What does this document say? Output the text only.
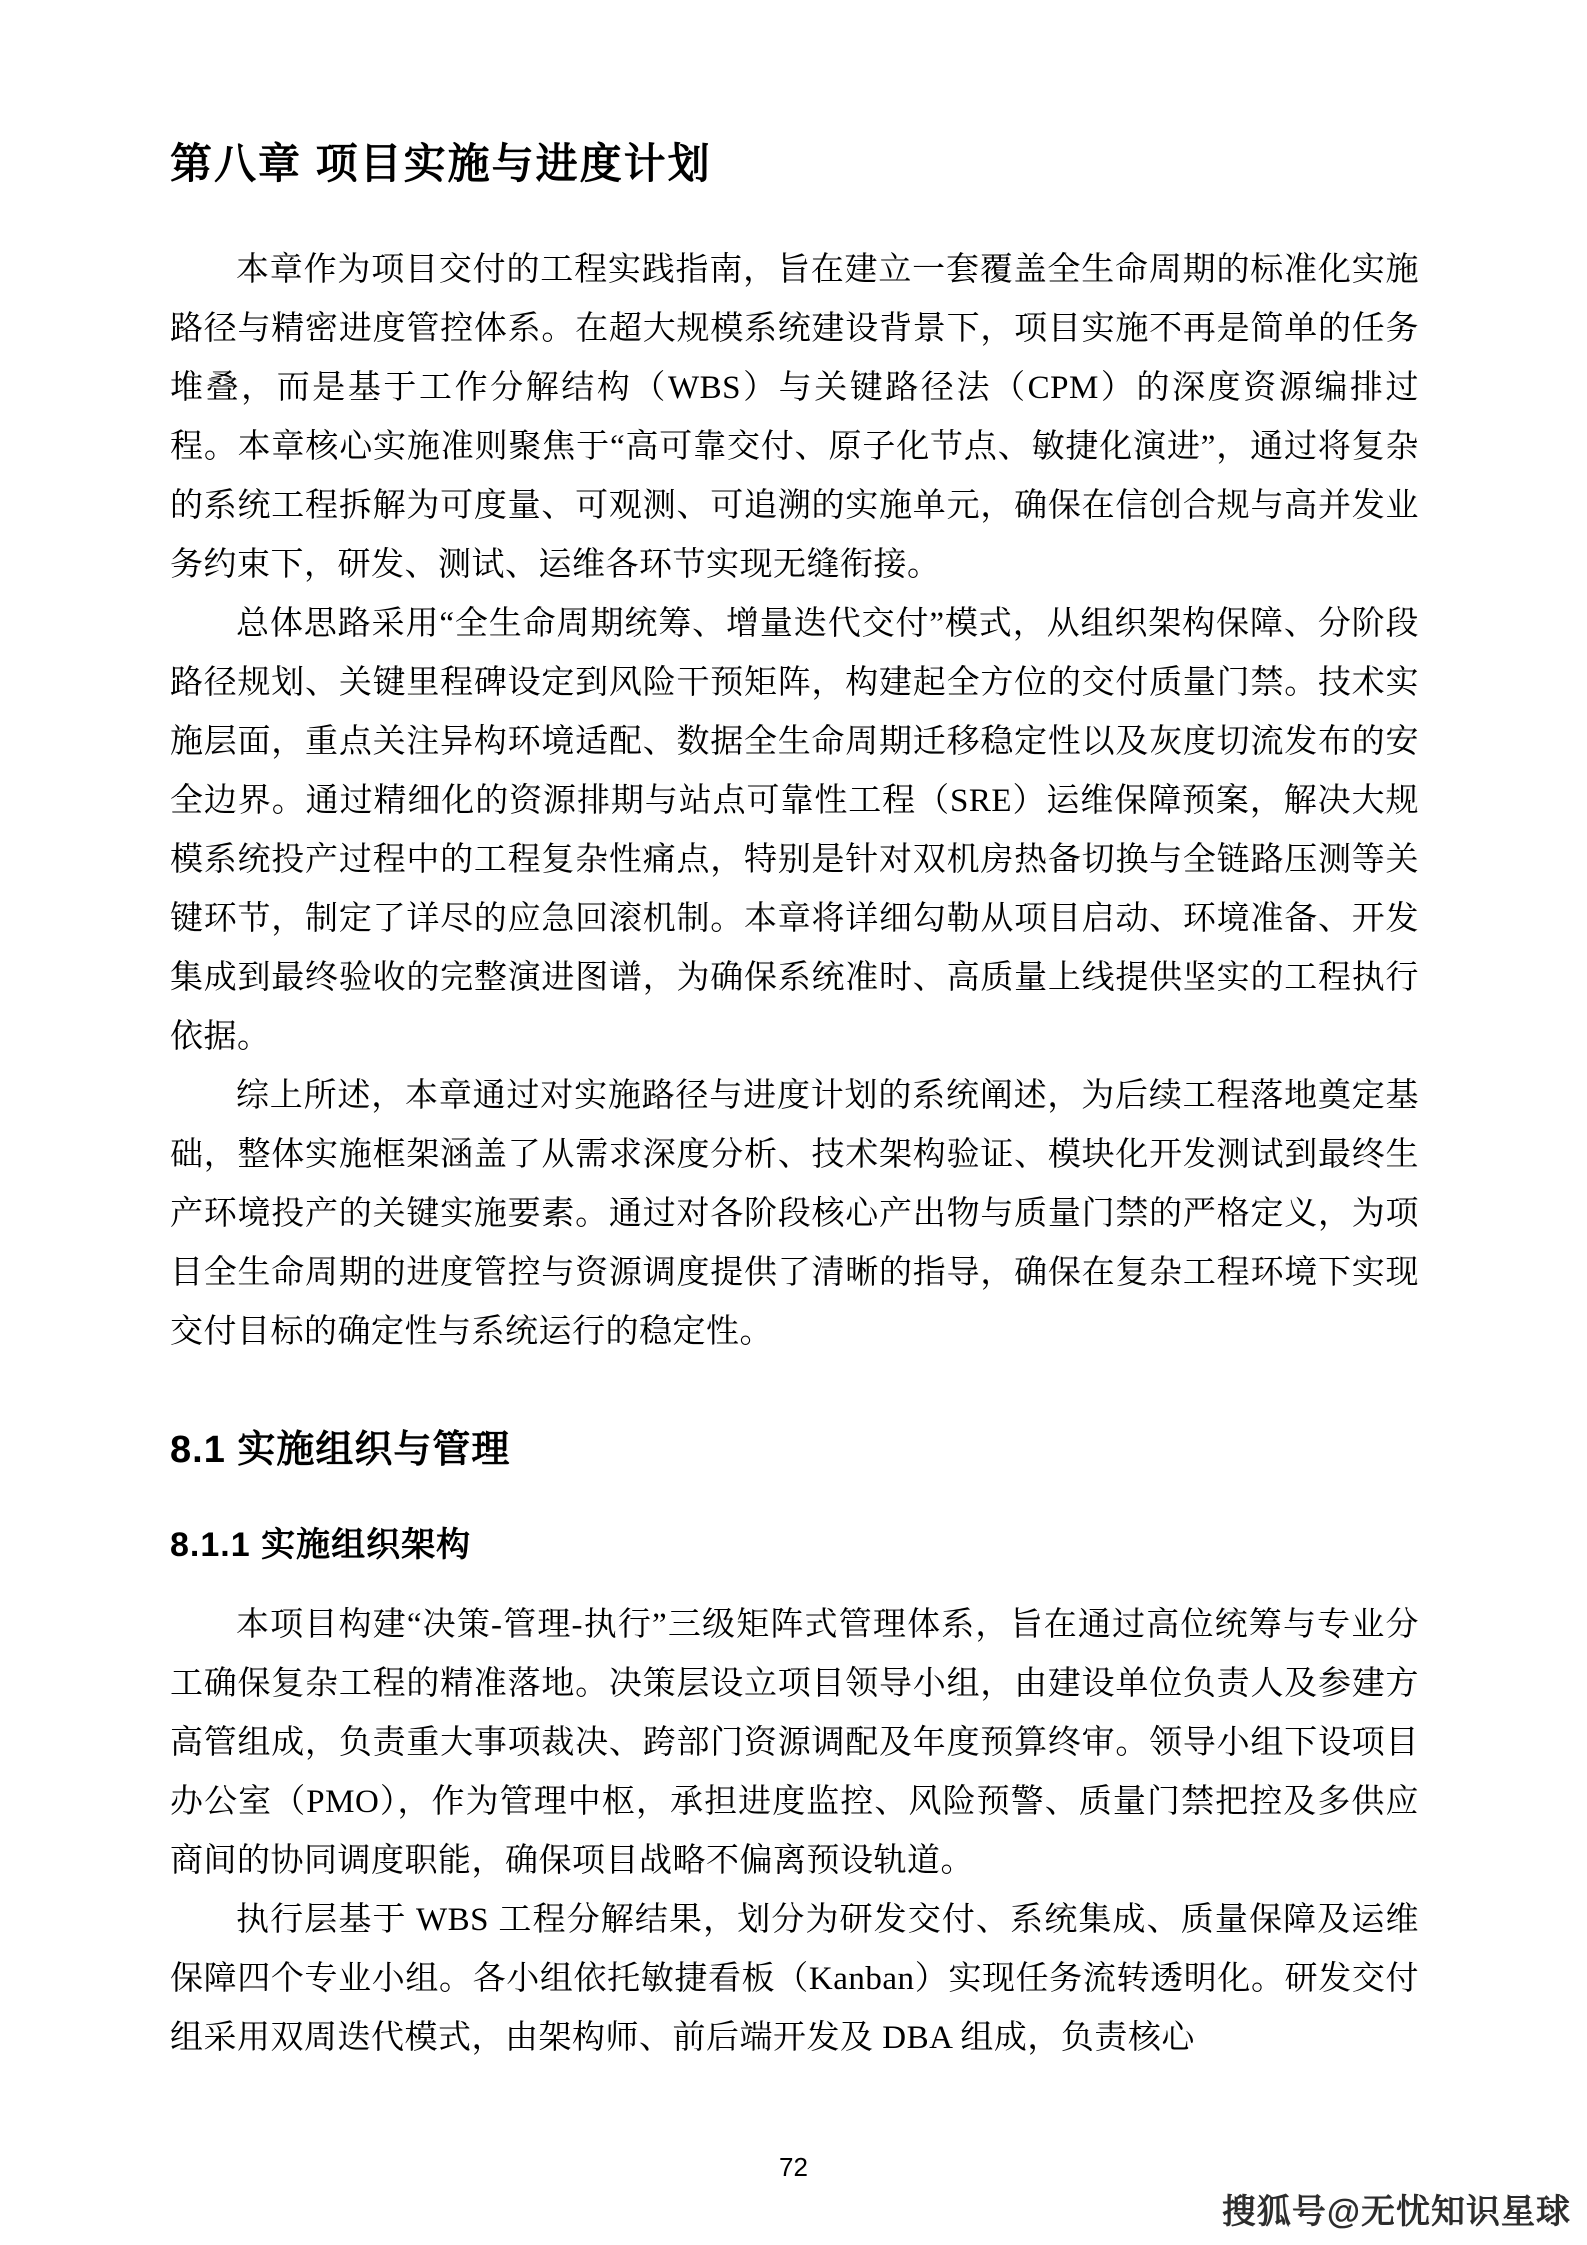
第八章 项目实施与进度计划

本章作为项目交付的工程实践指南，旨在建立一套覆盖全生命周期的标准化实施路径与精密进度管控体系。在超大规模系统建设背景下，项目实施不再是简单的任务堆叠，而是基于工作分解结构（WBS）与关键路径法（CPM）的深度资源编排过程。本章核心实施准则聚焦于“高可靠交付、原子化节点、敏捷化演进”，通过将复杂的系统工程拆解为可度量、可观测、可追溯的实施单元，确保在信创合规与高并发业务约束下，研发、测试、运维各环节实现无缝衔接。

总体思路采用“全生命周期统筹、增量迭代交付”模式，从组织架构保障、分阶段路径规划、关键里程碑设定到风险干预矩阵，构建起全方位的交付质量门禁。技术实施层面，重点关注异构环境适配、数据全生命周期迁移稳定性以及灰度切流发布的安全边界。通过精细化的资源排期与站点可靠性工程（SRE）运维保障预案，解决大规模系统投产过程中的工程复杂性痛点，特别是针对双机房热备切换与全链路压测等关键环节，制定了详尽的应急回滚机制。本章将详细勾勒从项目启动、环境准备、开发集成到最终验收的完整演进图谱，为确保系统准时、高质量上线提供坚实的工程执行依据。

综上所述，本章通过对实施路径与进度计划的系统阐述，为后续工程落地奠定基础，整体实施框架涵盖了从需求深度分析、技术架构验证、模块化开发测试到最终生产环境投产的关键实施要素。通过对各阶段核心产出物与质量门禁的严格定义，为项目全生命周期的进度管控与资源调度提供了清晰的指导，确保在复杂工程环境下实现交付目标的确定性与系统运行的稳定性。

8.1 实施组织与管理
8.1.1 实施组织架构

本项目构建“决策-管理-执行”三级矩阵式管理体系，旨在通过高位统筹与专业分工确保复杂工程的精准落地。决策层设立项目领导小组，由建设单位负责人及参建方高管组成，负责重大事项裁决、跨部门资源调配及年度预算终审。领导小组下设项目办公室（PMO），作为管理中枢，承担进度监控、风险预警、质量门禁把控及多供应商间的协同调度职能，确保项目战略不偏离预设轨道。

执行层基于 WBS 工程分解结果，划分为研发交付、系统集成、质量保障及运维保障四个专业小组。各小组依托敏捷看板（Kanban）实现任务流转透明化。研发交付组采用双周迭代模式，由架构师、前后端开发及 DBA 组成，负责核心

72
搜狐号@无忧知识星球
